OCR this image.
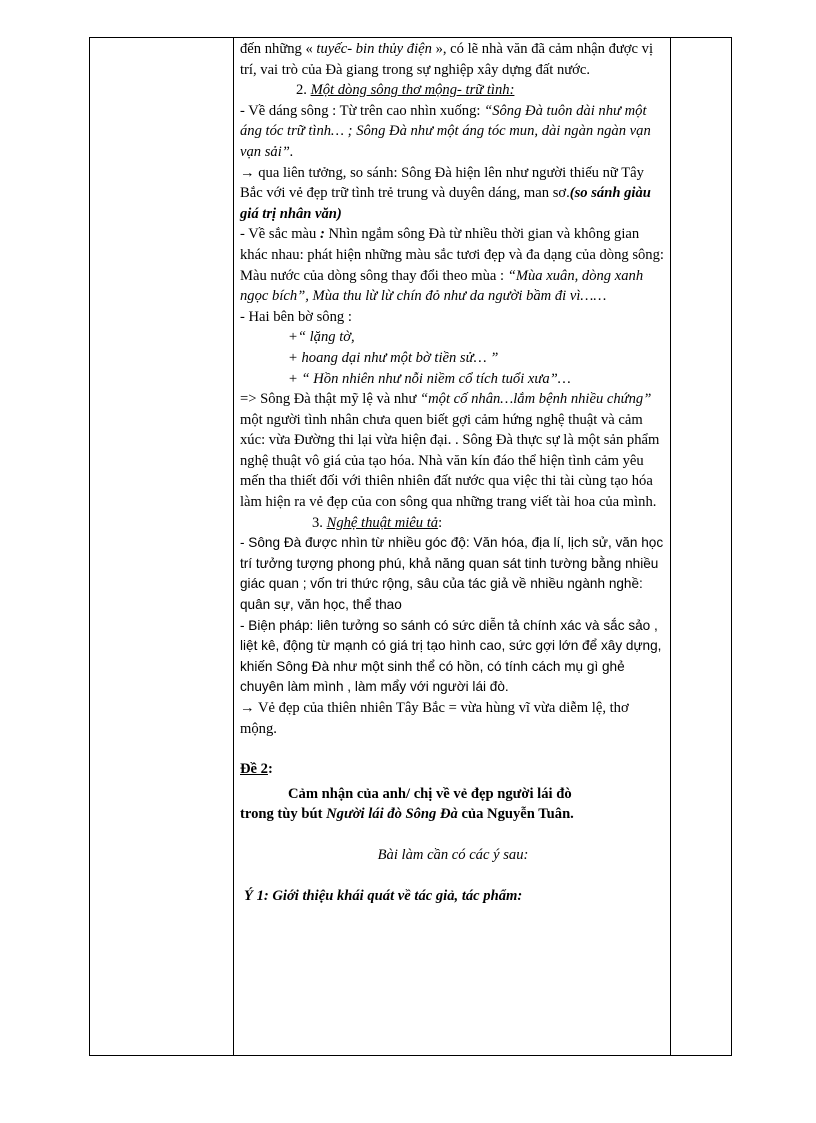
đến những « tuyếc- bin thủy điện », có lẽ nhà văn đã cảm nhận được vị trí, vai trò của Đà giang trong sự nghiệp xây dựng đất nước.

2. Một dòng sông thơ mộng- trữ tình:

- Về dáng sông : Từ trên cao nhìn xuống: “Sông Đà tuôn dài như một áng tóc trữ tình… ; Sông Đà như một áng tóc mun, dài ngàn ngàn vạn vạn sải”.

→ qua liên tưởng, so sánh: Sông Đà hiện lên như người thiếu nữ Tây Bắc với vẻ đẹp trữ tình trẻ trung và duyên dáng, man sơ.(so sánh giàu giá trị nhân văn)

- Về sắc màu : Nhìn ngắm sông Đà từ nhiều thời gian và không gian khác nhau: phát hiện những màu sắc tươi đẹp và đa dạng của dòng sông: Màu nước của dòng sông thay đổi theo mùa : “Mùa xuân, dòng xanh ngọc bích”, Mùa thu lừ lừ chín đỏ như da người bầm đi vì……

- Hai bên bờ sông :

+“ lặng tờ,

+ hoang dại như một bờ tiền sử… ”

+ “ Hồn nhiên như nỗi niềm cổ tích tuổi xưa”…

=> Sông Đà thật mỹ lệ và như “một cố nhân…lắm bệnh nhiều chứng” một người tình nhân chưa quen biết gợi cảm hứng nghệ thuật và cảm xúc: vừa Đường thi lại vừa hiện đại. . Sông Đà thực sự là một sản phẩm nghệ thuật vô giá của tạo hóa. Nhà văn kín đáo thể hiện tình cảm yêu mến tha thiết đối với thiên nhiên đất nước qua việc thi tài cùng tạo hóa làm hiện ra vẻ đẹp của con sông qua những trang viết tài hoa của mình.

3. Nghệ thuật miêu tả:

- Sông Đà được nhìn từ nhiều góc độ: Văn hóa, địa lí, lịch sử, văn học trí tưởng tượng phong phú, khả năng quan sát tinh tường bằng nhiều giác quan ; vốn tri thức rộng, sâu của tác giả về nhiều ngành nghề: quân sự, văn học, thể thao

- Biện pháp: liên tưởng so sánh có sức diễn tả chính xác và sắc sảo , liệt kê, động từ mạnh có giá trị tạo hình cao, sức gợi lớn để xây dựng, khiến Sông Đà như một sinh thể có hồn, có tính cách mụ gì ghẻ chuyên làm mình , làm mẩy với người lái đò.

→ Vẻ đẹp của thiên nhiên Tây Bắc = vừa hùng vĩ vừa diễm lệ, thơ mộng.

Đề 2:

Cảm nhận của anh/ chị về vẻ đẹp người lái đò

trong tùy bút Người lái đò Sông Đà của Nguyễn Tuân.

Bài làm cần có các ý sau:

Ý 1: Giới thiệu khái quát về tác giả, tác phẩm:
